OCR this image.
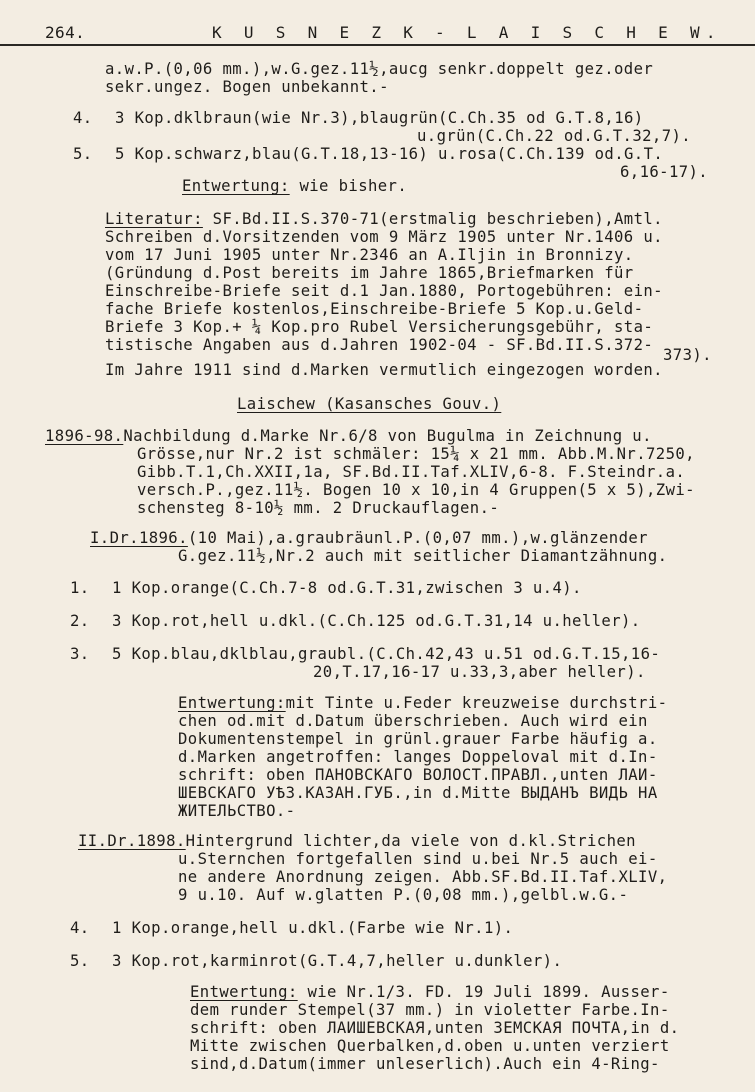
264.	K U S N E Z K - L A I S C H E W.
a.w.P.(0,06 mm.),w.G.gez.11½,aucg senkr.doppelt gez.oder
sekr.ungez. Bogen unbekannt.-
4. 3 Kop.dklbraun(wie Nr.3),blaugrün(C.Ch.35 od G.T.8,16)
u.grün(C.Ch.22 od.G.T.32,7).
5. 5 Kop.schwarz,blau(G.T.18,13-16) u.rosa(C.Ch.139 od.G.T.
6,16-17).
Entwertung: wie bisher.
Literatur: SF.Bd.II.S.370-71(erstmalig beschrieben),Amtl.
Schreiben d.Vorsitzenden vom 9 März 1905 unter Nr.1406 u.
vom 17 Juni 1905 unter Nr.2346 an A.Iljin in Bronnizy.
(Gründung d.Post bereits im Jahre 1865,Briefmarken für
Einschreibe-Briefe seit d.1 Jan.1880, Portogebühren: ein-
fache Briefe kostenlos,Einschreibe-Briefe 5 Kop.u.Geld-
Briefe 3 Kop.+ ¼ Kop.pro Rubel Versicherungsgebühr, sta-
tistische Angaben aus d.Jahren 1902-04 - SF.Bd.II.S.372-
373).
Im Jahre 1911 sind d.Marken vermutlich eingezogen worden.
Laischew (Kasansches Gouv.)
1896-98.Nachbildung d.Marke Nr.6/8 von Bugulma in Zeichnung u.
Grösse,nur Nr.2 ist schmäler: 15¼ x 21 mm. Abb.M.Nr.7250,
Gibb.T.1,Ch.XXII,1a, SF.Bd.II.Taf.XLIV,6-8. F.Steindr.a.
versch.P.,gez.11½. Bogen 10 x 10,in 4 Gruppen(5 x 5),Zwi-
schensteg 8-10½ mm. 2 Druckauflagen.-
I.Dr.1896.(10 Mai),a.graubräunl.P.(0,07 mm.),w.glänzender
G.gez.11½,Nr.2 auch mit seitlicher Diamantzähnung.
1. 1 Kop.orange(C.Ch.7-8 od.G.T.31,zwischen 3 u.4).
2. 3 Kop.rot,hell u.dkl.(C.Ch.125 od.G.T.31,14 u.heller).
3. 5 Kop.blau,dklblau,graubl.(C.Ch.42,43 u.51 od.G.T.15,16-
20,T.17,16-17 u.33,3,aber heller).
Entwertung:mit Tinte u.Feder kreuzweise durchstri-
chen od.mit d.Datum überschrieben. Auch wird ein
Dokumentenstempel in grünl.grauer Farbe häufig a.
d.Marken angetroffen: langes Doppeloval mit d.In-
schrift: oben ПАНОВСКАГО ВОЛОСТ.ПРАВЛ.,unten ЛАИ-
ШЕВСКАГО УѢЗ.КАЗАН.ГУБ.,in d.Mitte ВЫДАНЪ ВИДЬ НА
ЖИТЕЛЬСТВО.-
II.Dr.1898.Hintergrund lichter,da viele von d.kl.Strichen
u.Sternchen fortgefallen sind u.bei Nr.5 auch ei-
ne andere Anordnung zeigen. Abb.SF.Bd.II.Taf.XLIV,
9 u.10. Auf w.glatten P.(0,08 mm.),gelbl.w.G.-
4. 1 Kop.orange,hell u.dkl.(Farbe wie Nr.1).
5. 3 Kop.rot,karminrot(G.T.4,7,heller u.dunkler).
Entwertung: wie Nr.1/3. FD. 19 Juli 1899. Ausser-
dem runder Stempel(37 mm.) in violetter Farbe.In-
schrift: oben ЛАИШЕВСКАЯ,unten ЗЕМСКАЯ ПОЧТА,in d.
Mitte zwischen Querbalken,d.oben u.unten verziert
sind,d.Datum(immer unleserlich).Auch ein 4-Ring-
